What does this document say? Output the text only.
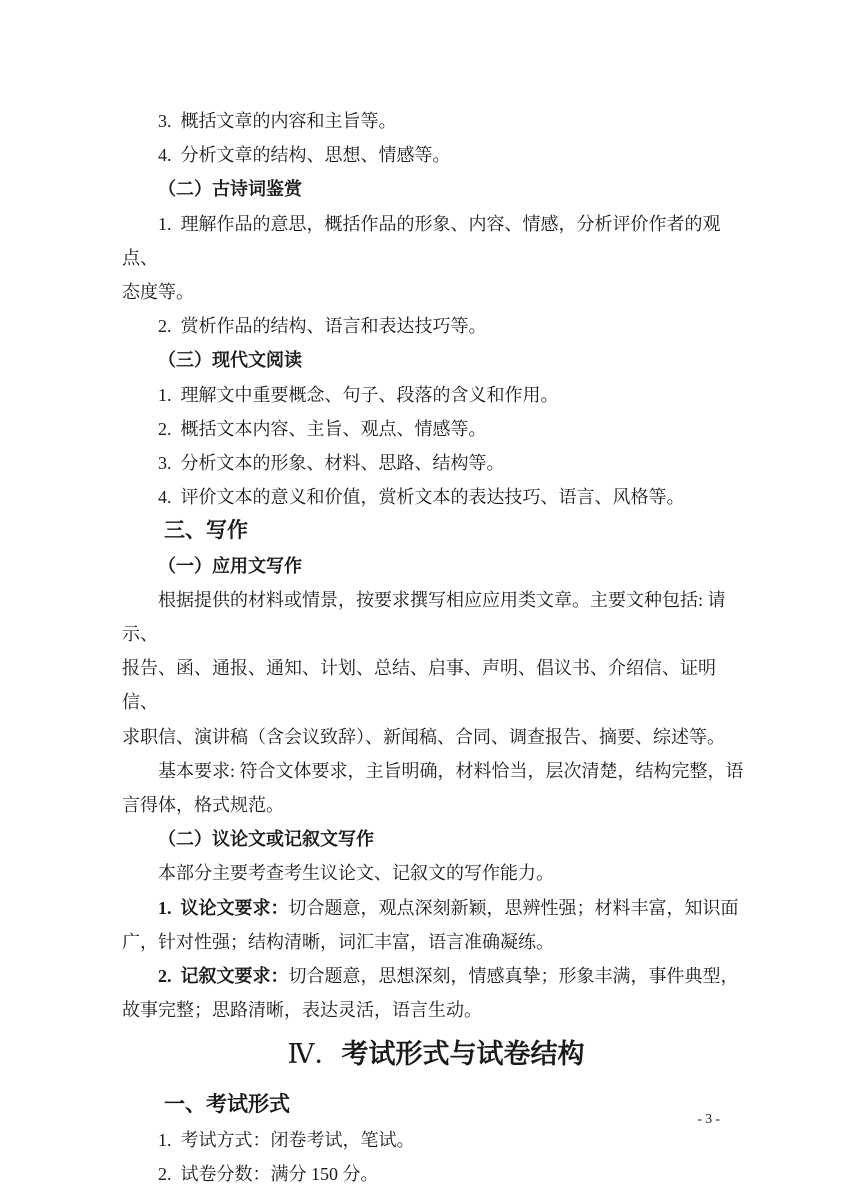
3.  概括文章的内容和主旨等。

4.  分析文章的结构、思想、情感等。

（二）古诗词鉴赏

1.  理解作品的意思，概括作品的形象、内容、情感，分析评价作者的观点、

态度等。

2.  赏析作品的结构、语言和表达技巧等。

（三）现代文阅读

1.  理解文中重要概念、句子、段落的含义和作用。

2.  概括文本内容、主旨、观点、情感等。

3.  分析文本的形象、材料、思路、结构等。

4.  评价文本的意义和价值，赏析文本的表达技巧、语言、风格等。

三、写作

（一）应用文写作

根据提供的材料或情景，按要求撰写相应应用类文章。主要文种包括: 请示、

报告、函、通报、通知、计划、总结、启事、声明、倡议书、介绍信、证明信、

求职信、演讲稿（含会议致辞）、新闻稿、合同、调查报告、摘要、综述等。

基本要求: 符合文体要求，主旨明确，材料恰当，层次清楚，结构完整，语

言得体，格式规范。

（二）议论文或记叙文写作

本部分主要考查考生议论文、记叙文的写作能力。

1.  议论文要求：切合题意，观点深刻新颖，思辨性强；材料丰富，知识面

广，针对性强；结构清晰，词汇丰富，语言准确凝练。

2.  记叙文要求：切合题意，思想深刻，情感真挚；形象丰满，事件典型，

故事完整；思路清晰，表达灵活，语言生动。

Ⅳ．考试形式与试卷结构

一、考试形式

1.  考试方式：闭卷考试，笔试。

2.  试卷分数：满分 150 分。

- 3 -
